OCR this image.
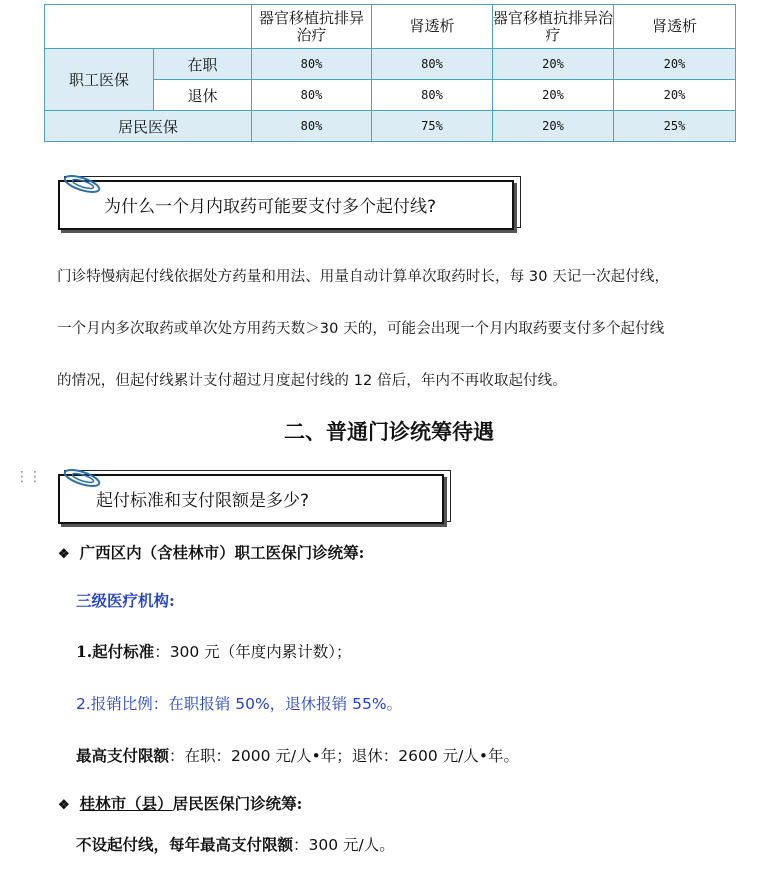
		器官移植抗排异治疗	肾透析	器官移植抗排异治疗	肾透析
职工医保	在职	80%	80%	20%	20%
	退休	80%	80%	20%	20%
居民医保		80%	75%	20%	25%
为什么一个月内取药可能要支付多个起付线?
门诊特慢病起付线依据处方药量和用法、用量自动计算单次取药时长，每 30 天记一次起付线，
一个月内多次取药或单次处方用药天数＞30 天的，可能会出现一个月内取药要支付多个起付线
的情况，但起付线累计支付超过月度起付线的 12 倍后，年内不再收取起付线。
二、普通门诊统筹待遇
⋮⋮
起付标准和支付限额是多少?
❖ 广西区内（含桂林市）职工医保门诊统筹:
三级医疗机构:
1.起付标准：300 元（年度内累计数）；
2.报销比例：在职报销 50%，退休报销 55%。
最高支付限额：在职：2000 元/人•年；退休：2600 元/人•年。
❖ 桂林市（县）居民医保门诊统筹:
不设起付线，每年最高支付限额：300 元/人。
